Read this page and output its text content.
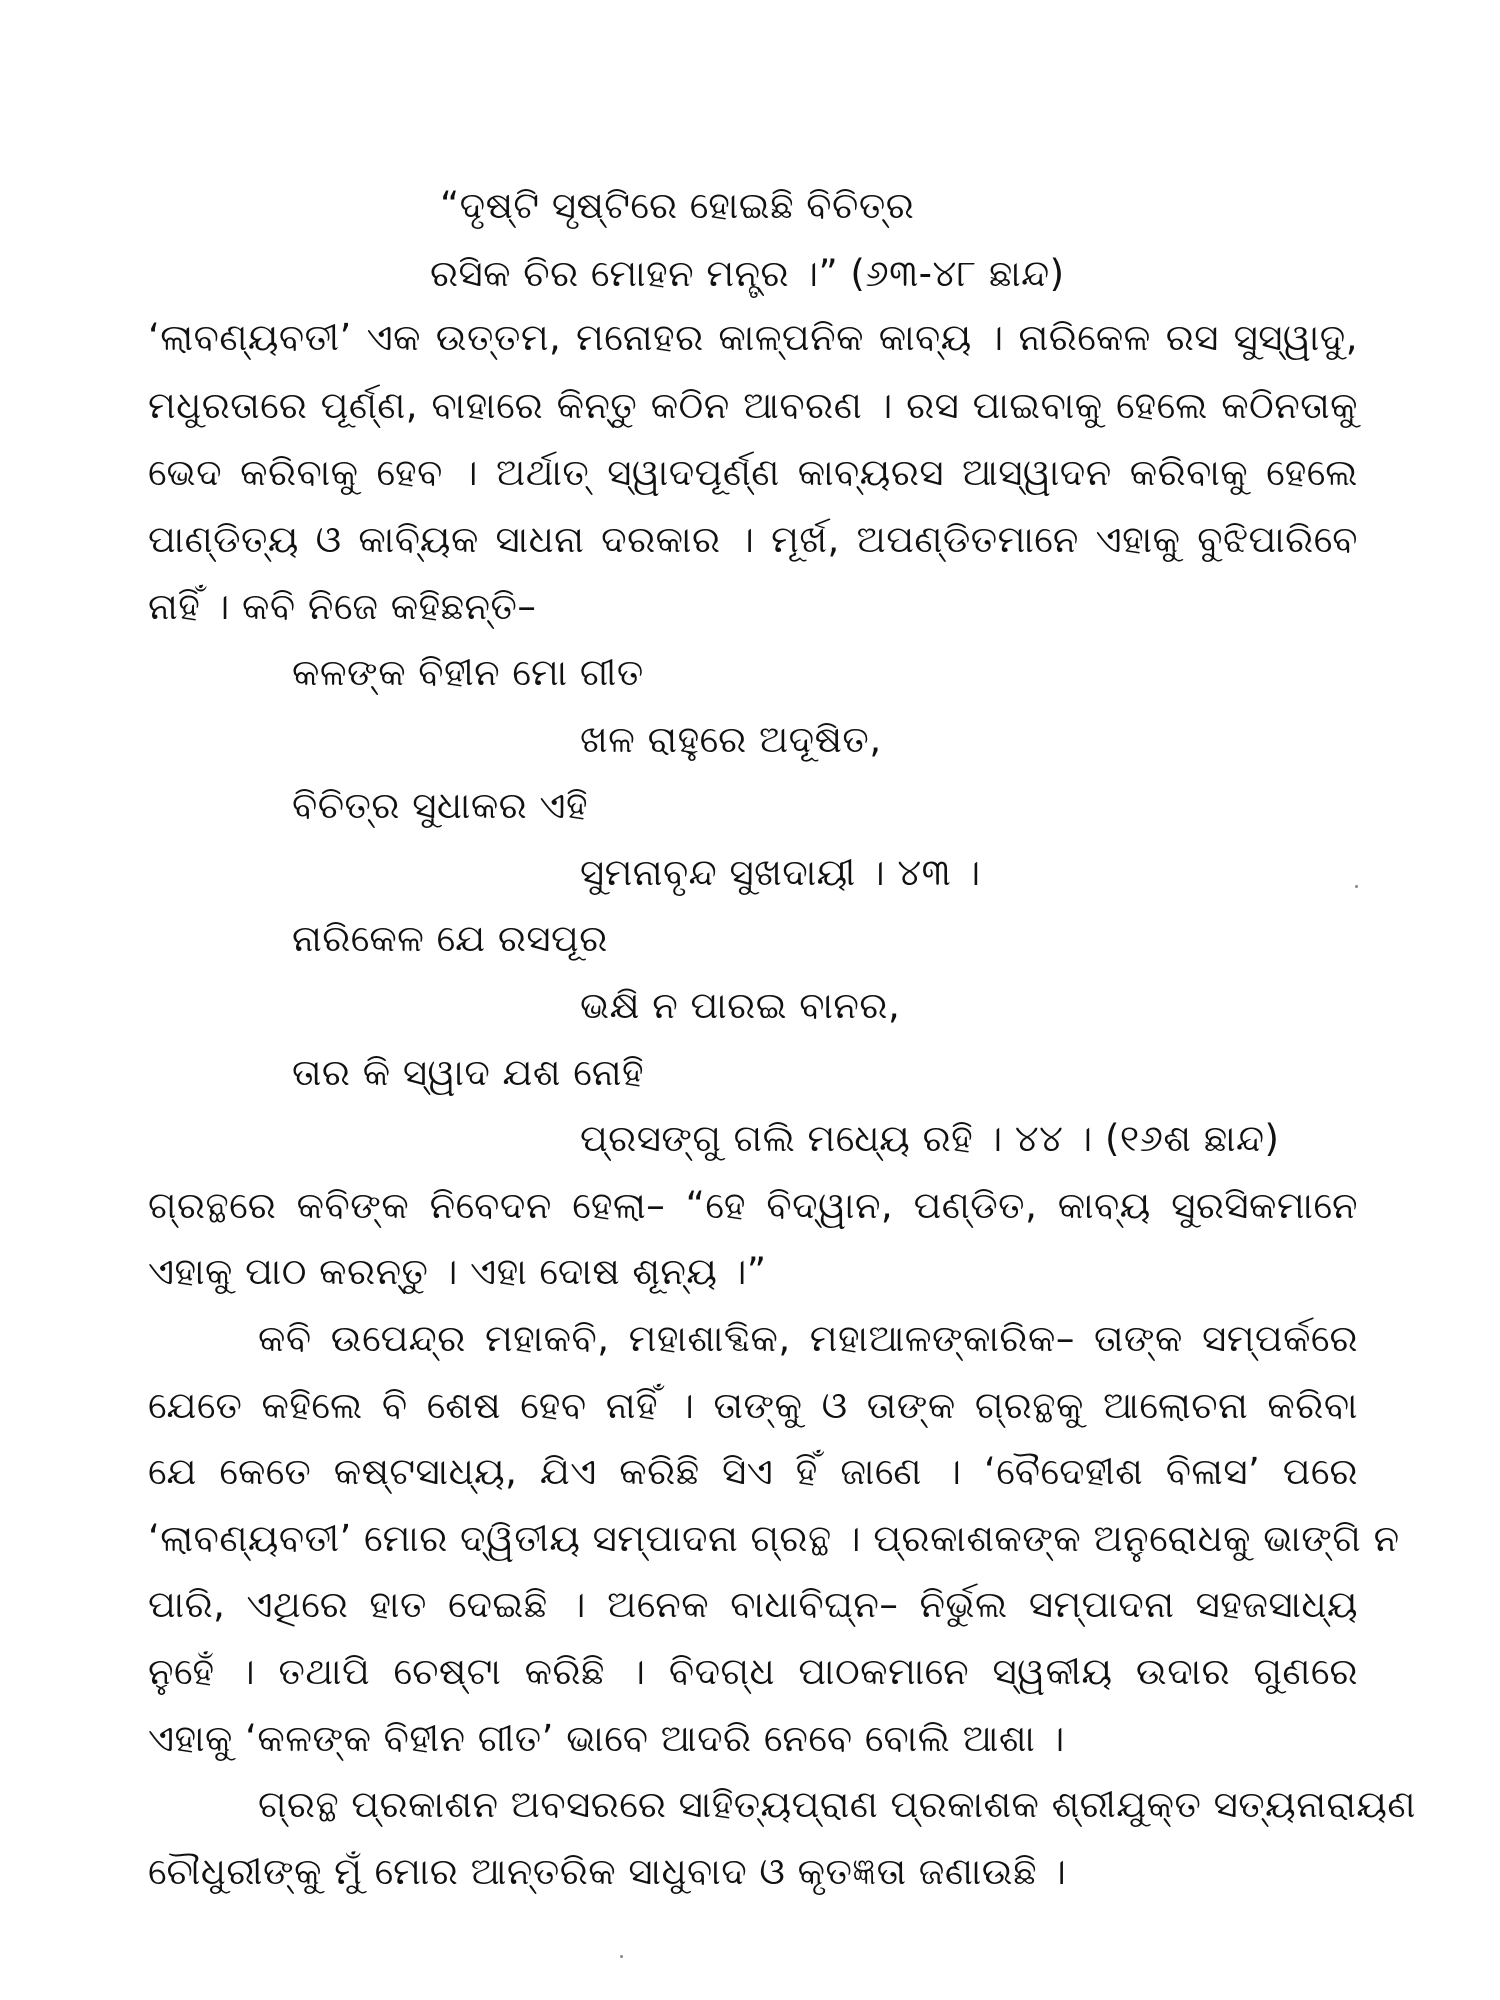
“ଦୃଷ୍ଟି ସୃଷ୍ଟିରେ ହୋଇଛି ବିଚିତ୍ର
ରସିକ ଚିର ମୋହନ ମନ୍ତ୍ର ।” (୬୩-୪୮ ଛାନ୍ଦ)
‘ଲାବଣ୍ୟବତୀ’ ଏକ ଉତ୍ତମ, ମନୋହର କାଳ୍ପନିକ କାବ୍ୟ । ନାରିକେଳ ରସ ସୁସ୍ୱାଦୁ,
ମଧୁରତାରେ ପୂର୍ଣ୍ଣ, ବାହାରେ କିନ୍ତୁ କଠିନ ଆବରଣ । ରସ ପାଇବାକୁ ହେଲେ କଠିନତାକୁ
ଭେଦ କରିବାକୁ ହେବ । ଅର୍ଥାତ୍ ସ୍ୱାଦପୂର୍ଣ୍ଣ କାବ୍ୟରସ ଆସ୍ୱାଦନ କରିବାକୁ ହେଲେ
ପାଣ୍ଡିତ୍ୟ ଓ କାବ୍ୟିକ ସାଧନା ଦରକାର । ମୂର୍ଖ, ଅପଣ୍ଡିତମାନେ ଏହାକୁ ବୁଝିପାରିବେ
ନାହିଁ । କବି ନିଜେ କହିଛନ୍ତି–
କଳଙ୍କ ବିହୀନ ମୋ ଗୀତ
ଖଳ ରାହୁରେ ଅଦୂଷିତ,
ବିଚିତ୍ର ସୁଧାକର ଏହି
ସୁମନାବୃନ୍ଦ ସୁଖଦାୟୀ । ୪୩ ।
ନାରିକେଳ ଯେ ରସପୂର
ଭକ୍ଷି ନ ପାରଇ ବାନର,
ତାର କି ସ୍ୱାଦ ଯଶ ନୋହି
ପ୍ରସଙ୍ଗୁ ଗଲି ମଧ୍ୟେ ରହି । ୪୪ । (୧୬ଶ ଛାନ୍ଦ)
ଗ୍ରନ୍ଥରେ କବିଙ୍କ ନିବେଦନ ହେଲା– “ହେ ବିଦ୍ୱାନ, ପଣ୍ଡିତ, କାବ୍ୟ ସୁରସିକମାନେ
ଏହାକୁ ପାଠ କରନ୍ତୁ । ଏହା ଦୋଷ ଶୂନ୍ୟ ।”
କବି ଉପେନ୍ଦ୍ର ମହାକବି, ମହାଶାବ୍ଦିକ, ମହାଆଳଙ୍କାରିକ– ତାଙ୍କ ସମ୍ପର୍କରେ
ଯେତେ କହିଲେ ବି ଶେଷ ହେବ ନାହିଁ । ତାଙ୍କୁ ଓ ତାଙ୍କ ଗ୍ରନ୍ଥକୁ ଆଲୋଚନା କରିବା
ଯେ କେତେ କଷ୍ଟସାଧ୍ୟ, ଯିଏ କରିଛି ସିଏ ହିଁ ଜାଣେ । ‘ବୈଦେହୀଶ ବିଳାସ’ ପରେ
‘ଲାବଣ୍ୟବତୀ’ ମୋର ଦ୍ୱିତୀୟ ସମ୍ପାଦନା ଗ୍ରନ୍ଥ । ପ୍ରକାଶକଙ୍କ ଅନୁରୋଧକୁ ଭାଙ୍ଗି ନ
ପାରି, ଏଥିରେ ହାତ ଦେଇଛି । ଅନେକ ବାଧାବିଘ୍ନ– ନିର୍ଭୁଲ ସମ୍ପାଦନା ସହଜସାଧ୍ୟ
ନୁହେଁ । ତଥାପି ଚେଷ୍ଟା କରିଛି । ବିଦଗ୍ଧ ପାଠକମାନେ ସ୍ୱକୀୟ ଉଦାର ଗୁଣରେ
ଏହାକୁ ‘କଳଙ୍କ ବିହୀନ ଗୀତ’ ଭାବେ ଆଦରି ନେବେ ବୋଲି ଆଶା ।
ଗ୍ରନ୍ଥ ପ୍ରକାଶନ ଅବସରରେ ସାହିତ୍ୟପ୍ରାଣ ପ୍ରକାଶକ ଶ୍ରୀଯୁକ୍ତ ସତ୍ୟନାରାୟଣ
ଚୌଧୁରୀଙ୍କୁ ମୁଁ ମୋର ଆନ୍ତରିକ ସାଧୁବାଦ ଓ କୃତଜ୍ଞତା ଜଣାଉଛି ।
